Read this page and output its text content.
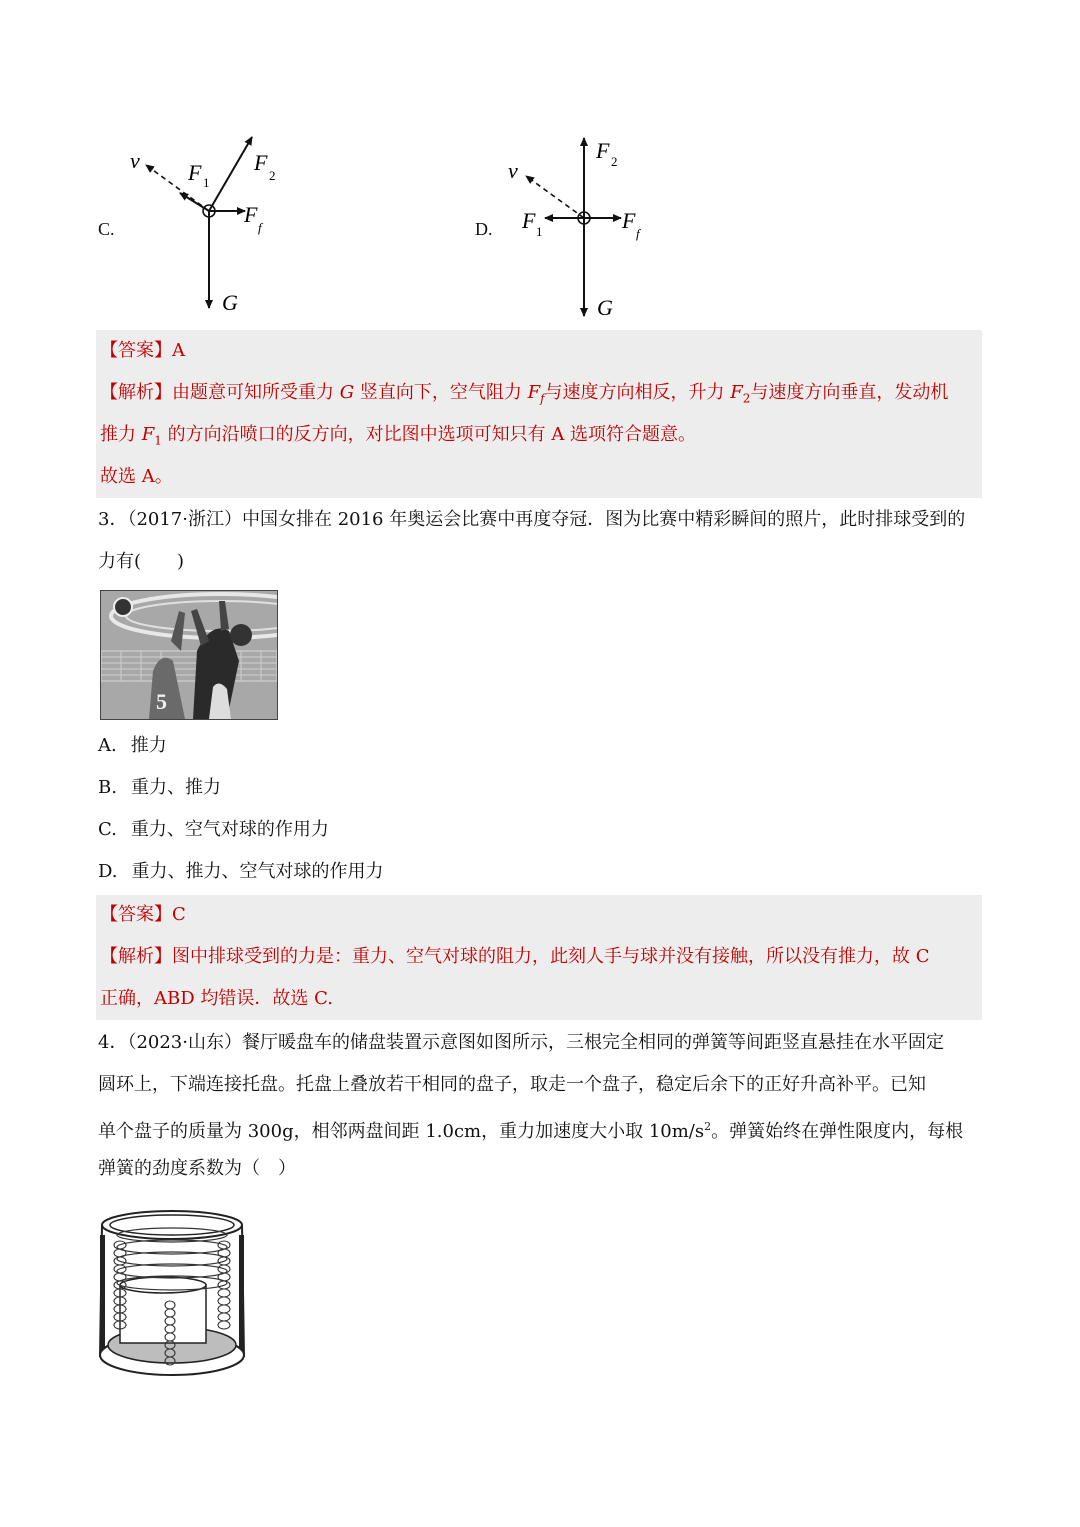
C.
v F 1
F
2
F
f
G
D.
v
F 2
F 1	F
f
G
【答案】A
【解析】由题意可知所受重力 G 竖直向下，空气阻力 $F_f$与速度方向相反，升力 $F_2$与速度方向垂直，发动机
推力 $F_1$ 的方向沿喷口的反方向，对比图中选项可知只有 A 选项符合题意。
故选 A。
3．（2017·浙江）中国女排在 2016 年奥运会比赛中再度夺冠．图为比赛中精彩瞬间的照片，此时排球受到的
力有(　　)
5
A. 推力
B. 重力、推力
C. 重力、空气对球的作用力
D. 重力、推力、空气对球的作用力
【答案】C
【解析】图中排球受到的力是：重力、空气对球的阻力，此刻人手与球并没有接触，所以没有推力，故 C
正确，ABD 均错误．故选 C.
4．（2023·山东）餐厅暖盘车的储盘装置示意图如图所示，三根完全相同的弹簧等间距竖直悬挂在水平固定
圆环上，下端连接托盘。托盘上叠放若干相同的盘子，取走一个盘子，稳定后余下的正好升高补平。已知
单个盘子的质量为 300g，相邻两盘间距 1.0cm，重力加速度大小取 $10m/s^2$。弹簧始终在弹性限度内，每根
弹簧的劲度系数为（　）
